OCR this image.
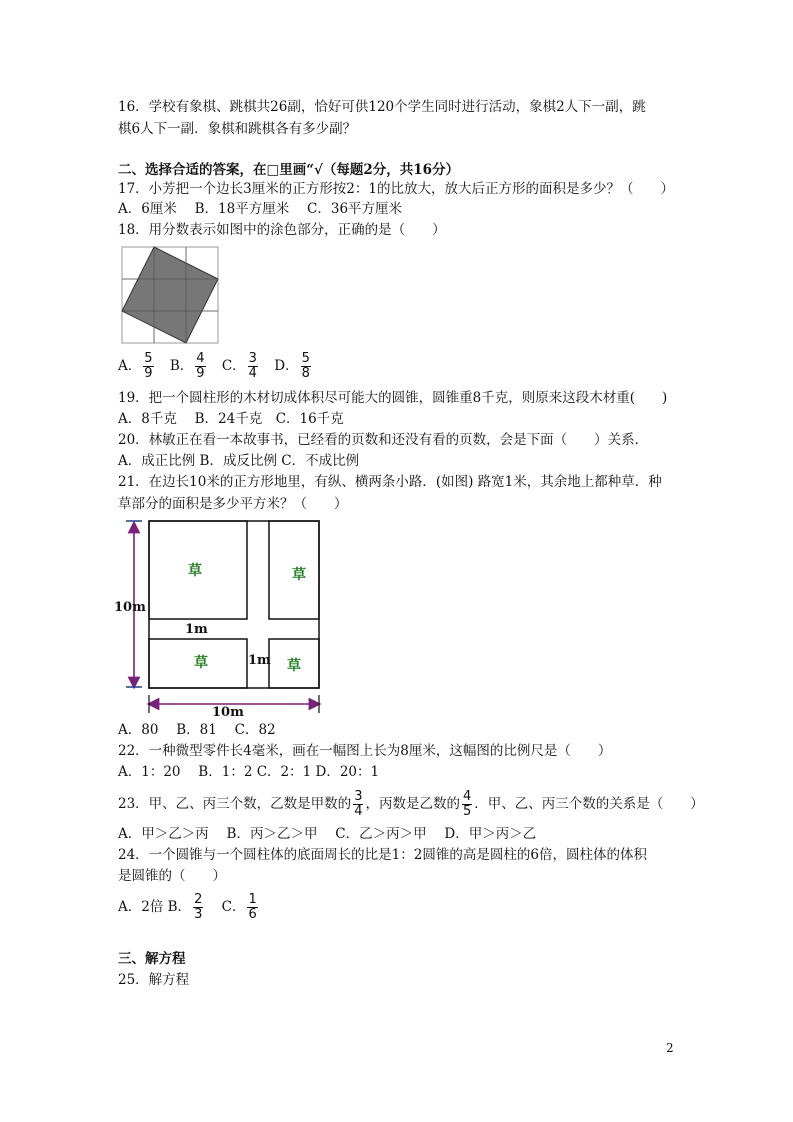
16．学校有象棋、跳棋共26副，恰好可供120个学生同时进行活动，象棋2人下一副，跳
棋6人下一副．象棋和跳棋各有多少副？
二、选择合适的答案，在□里画“√（每题2分，共16分）
17．小芳把一个边长3厘米的正方形按2：1的比放大，放大后正方形的面积是多少？（　　）
A．6厘米　 B．18平方厘米　 C．36平方厘米
18．用分数表示如图中的涂色部分，正确的是（　　）
A． $\frac{5}{9}$ B． $\frac{4}{9}$ C． $\frac{3}{4}$ D． $\frac{5}{8}$
19．把一个圆柱形的木材切成体积尽可能大的圆锥，圆锥重8千克，则原来这段木材重(　　)
A．8千克　 B．24千克　C．16千克
20．林敏正在看一本故事书，已经看的页数和还没有看的页数，会是下面（　　）关系．
A．成正比例 B．成反比例 C．不成比例
21．在边长10米的正方形地里，有纵、横两条小路．(如图) 路宽1米，其余地上都种草．种
草部分的面积是多少平方米？（　　）
草	草
草	草
1m
1m
10m
10m
A．80　 B．81　 C．82
22．一种微型零件长4毫米，画在一幅图上长为8厘米，这幅图的比例尺是（　　）
A．1：20　 B．1：2 C．2：1 D．20：1
23．甲、乙、丙三个数，乙数是甲数的 $\frac{3}{4}$ ，丙数是乙数的 $\frac{4}{5}$ ．甲、乙、丙三个数的关系是（　　）
A．甲＞乙＞丙　 B．丙＞乙＞甲　 C．乙＞丙＞甲　 D．甲＞丙＞乙
24．一个圆锥与一个圆柱体的底面周长的比是1：2圆锥的高是圆柱的6倍，圆柱体的体积
是圆锥的（　　）
A．2倍 B． $\frac{2}{3}$ C． $\frac{1}{6}$
三、解方程
25．解方程
2
